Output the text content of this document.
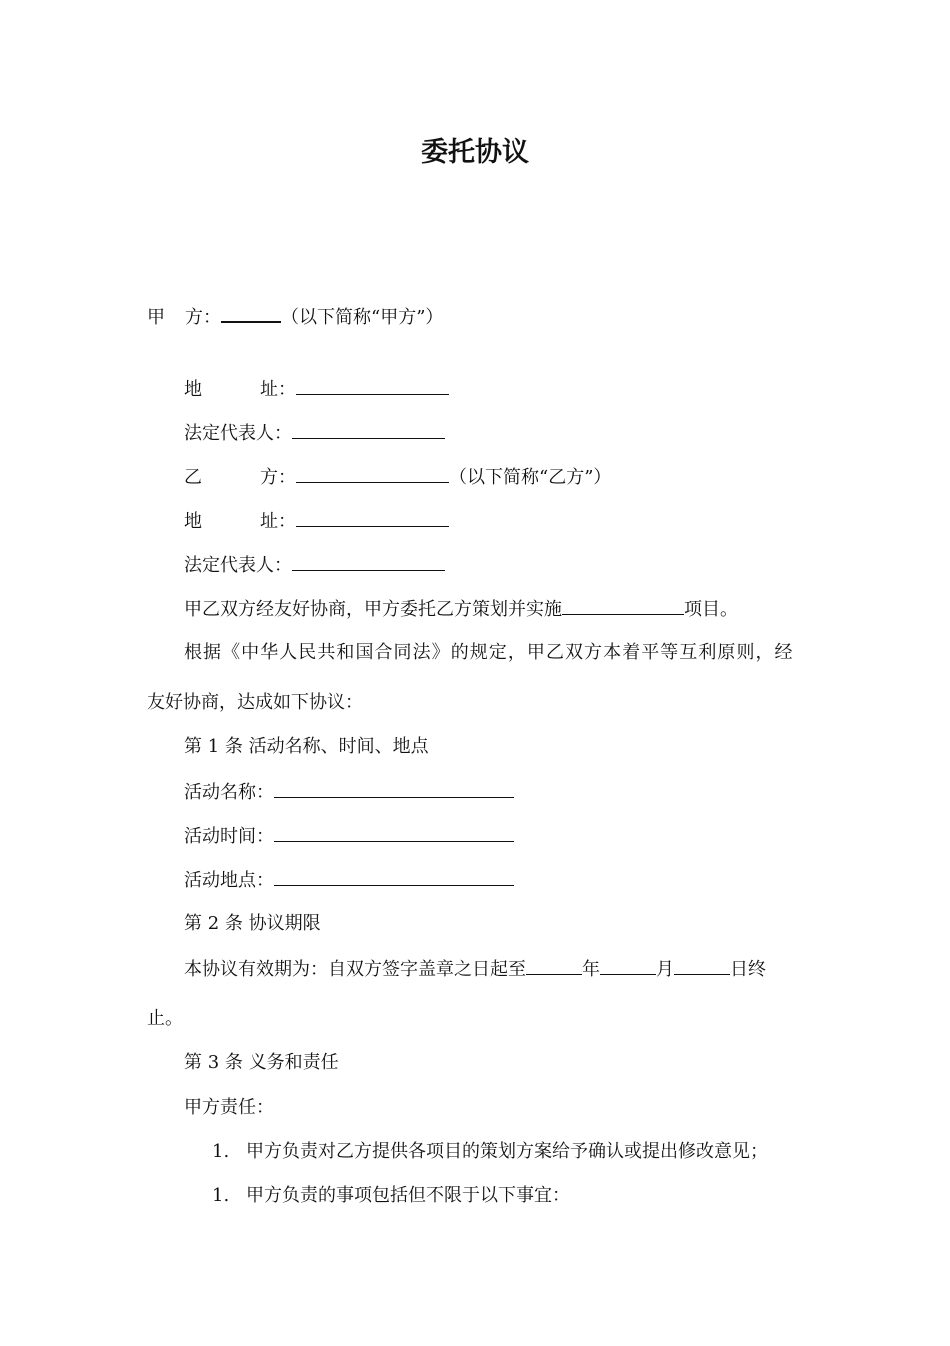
委托协议
甲 方：	（以下简称“甲方”）
地	址：
法定代表人：
乙	方：	（以下简称“乙方”）
地	址：
法定代表人：
甲乙双方经友好协商，甲方委托乙方策划并实施	项目。
根据《中华人民共和国合同法》的规定，甲乙双方本着平等互利原则，经
友好协商，达成如下协议：
第 1 条 活动名称、时间、地点
活动名称：
活动时间：
活动地点：
第 2 条 协议期限
本协议有效期为：自双方签字盖章之日起至	年	月	日终
止。
第 3 条 义务和责任
甲方责任：
1. 甲方负责对乙方提供各项目的策划方案给予确认或提出修改意见；
1. 甲方负责的事项包括但不限于以下事宜：
